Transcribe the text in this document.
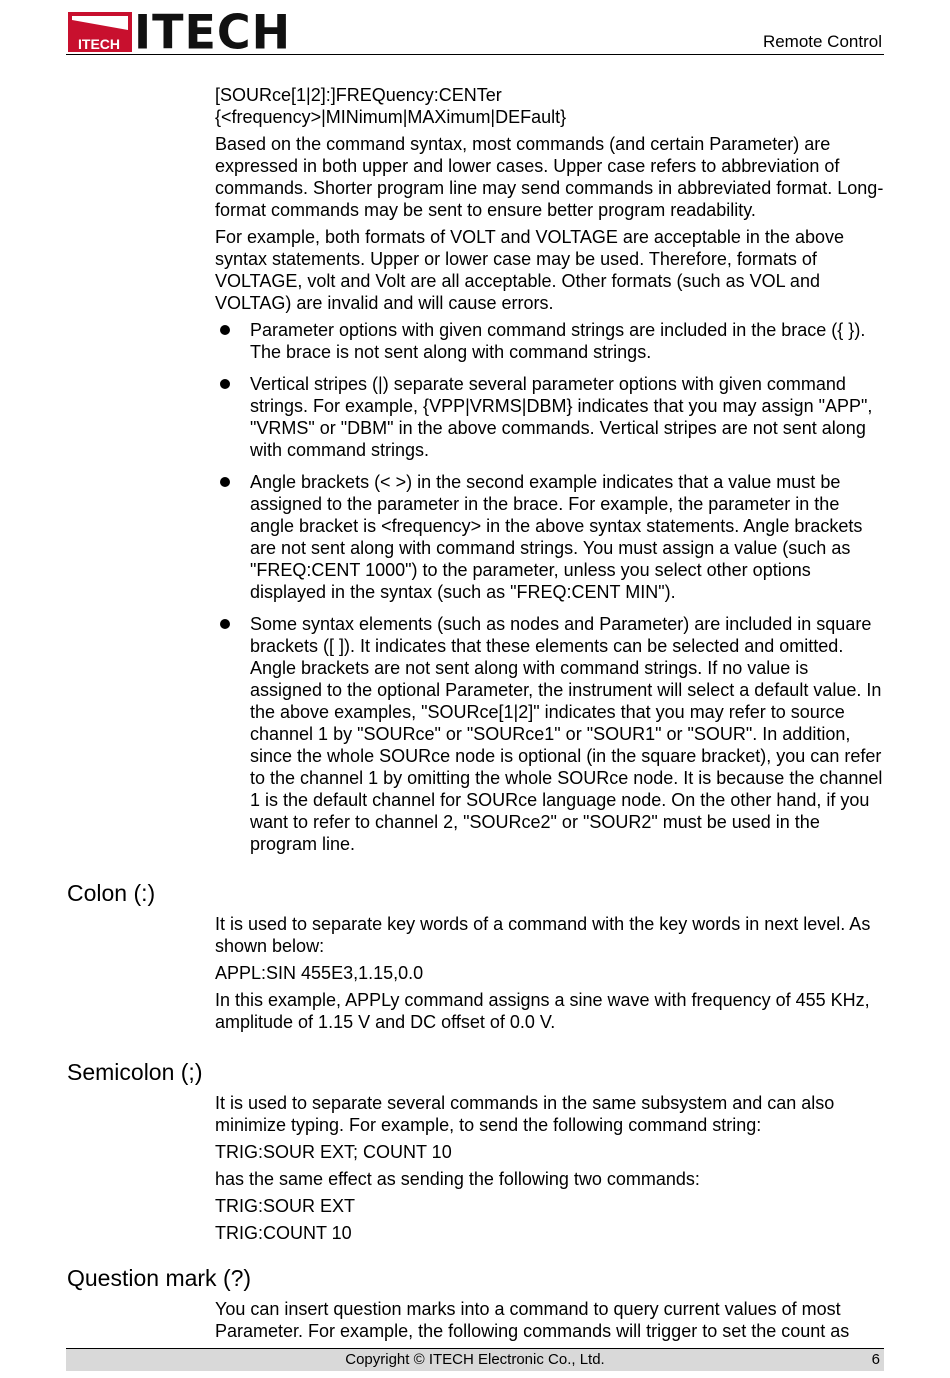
ITECH ITECH	Remote Control

[SOURce[1|2]:]FREQuency:CENTer

{<frequency>|MINimum|MAXimum|DEFault}

Based on the command syntax, most commands (and certain Parameter) are expressed in both upper and lower cases. Upper case refers to abbreviation of commands. Shorter program line may send commands in abbreviated format. Long-format commands may be sent to ensure better program readability.

For example, both formats of VOLT and VOLTAGE are acceptable in the above syntax statements. Upper or lower case may be used. Therefore, formats of VOLTAGE, volt and Volt are all acceptable. Other formats (such as VOL and VOLTAG) are invalid and will cause errors.

Parameter options with given command strings are included in the brace ({ }). The brace is not sent along with command strings.
Vertical stripes (|) separate several parameter options with given command strings. For example, {VPP|VRMS|DBM} indicates that you may assign "APP", "VRMS" or "DBM" in the above commands. Vertical stripes are not sent along with command strings.
Angle brackets (< >) in the second example indicates that a value must be assigned to the parameter in the brace. For example, the parameter in the angle bracket is <frequency> in the above syntax statements. Angle brackets are not sent along with command strings. You must assign a value (such as "FREQ:CENT 1000") to the parameter, unless you select other options displayed in the syntax (such as "FREQ:CENT MIN").
Some syntax elements (such as nodes and Parameter) are included in square brackets ([ ]). It indicates that these elements can be selected and omitted. Angle brackets are not sent along with command strings. If no value is assigned to the optional Parameter, the instrument will select a default value. In the above examples, "SOURce[1|2]" indicates that you may refer to source channel 1 by "SOURce" or "SOURce1" or "SOUR1" or "SOUR". In addition, since the whole SOURce node is optional (in the square bracket), you can refer to the channel 1 by omitting the whole SOURce node. It is because the channel 1 is the default channel for SOURce language node. On the other hand, if you want to refer to channel 2, "SOURce2" or "SOUR2" must be used in the program line.
Colon (:)

It is used to separate key words of a command with the key words in next level. As shown below:

APPL:SIN 455E3,1.15,0.0

In this example, APPLy command assigns a sine wave with frequency of 455 KHz, amplitude of 1.15 V and DC offset of 0.0 V.

Semicolon (;)

It is used to separate several commands in the same subsystem and can also minimize typing. For example, to send the following command string:

TRIG:SOUR EXT; COUNT 10

has the same effect as sending the following two commands:

TRIG:SOUR EXT

TRIG:COUNT 10

Question mark (?)

You can insert question marks into a command to query current values of most Parameter. For example, the following commands will trigger to set the count as

Copyright © ITECH Electronic Co., Ltd.	6
